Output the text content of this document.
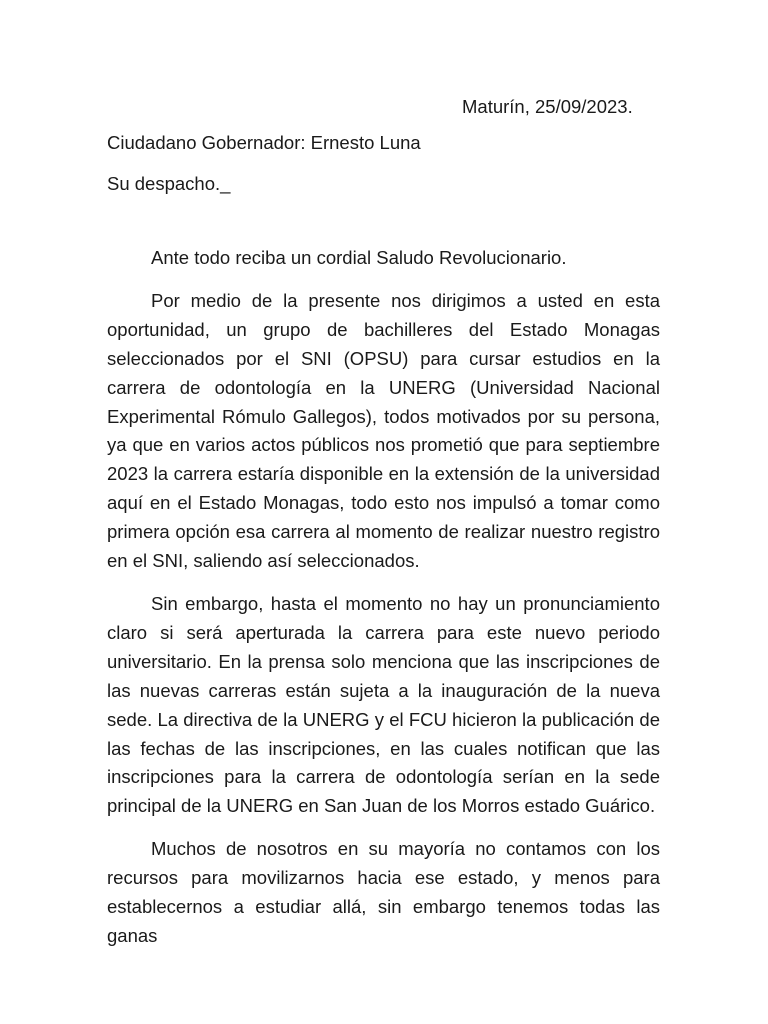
Maturín, 25/09/2023.
Ciudadano Gobernador: Ernesto Luna
Su despacho._

Ante todo reciba un cordial Saludo Revolucionario.

Por medio de la presente nos dirigimos a usted en esta oportunidad, un grupo de bachilleres del Estado Monagas seleccionados por el SNI (OPSU) para cursar estudios en la carrera de odontología en la UNERG (Universidad Nacional Experimental Rómulo Gallegos), todos motivados por su persona, ya que en varios actos públicos nos prometió que para septiembre 2023 la carrera estaría disponible en la extensión de la universidad aquí en el Estado Monagas, todo esto nos impulsó a tomar como primera opción esa carrera al momento de realizar nuestro registro en el SNI, saliendo así seleccionados.

Sin embargo, hasta el momento no hay un pronunciamiento claro si será aperturada la carrera para este nuevo periodo universitario. En la prensa solo menciona que las inscripciones de las nuevas carreras están sujeta a la inauguración de la nueva sede. La directiva de la UNERG y el FCU hicieron la publicación de las fechas de las inscripciones, en las cuales notifican que las inscripciones para la carrera de odontología serían en la sede principal de la UNERG en San Juan de los Morros estado Guárico.

Muchos de nosotros en su mayoría no contamos con los recursos para movilizarnos hacia ese estado, y menos para establecernos a estudiar allá, sin embargo tenemos todas las ganas
